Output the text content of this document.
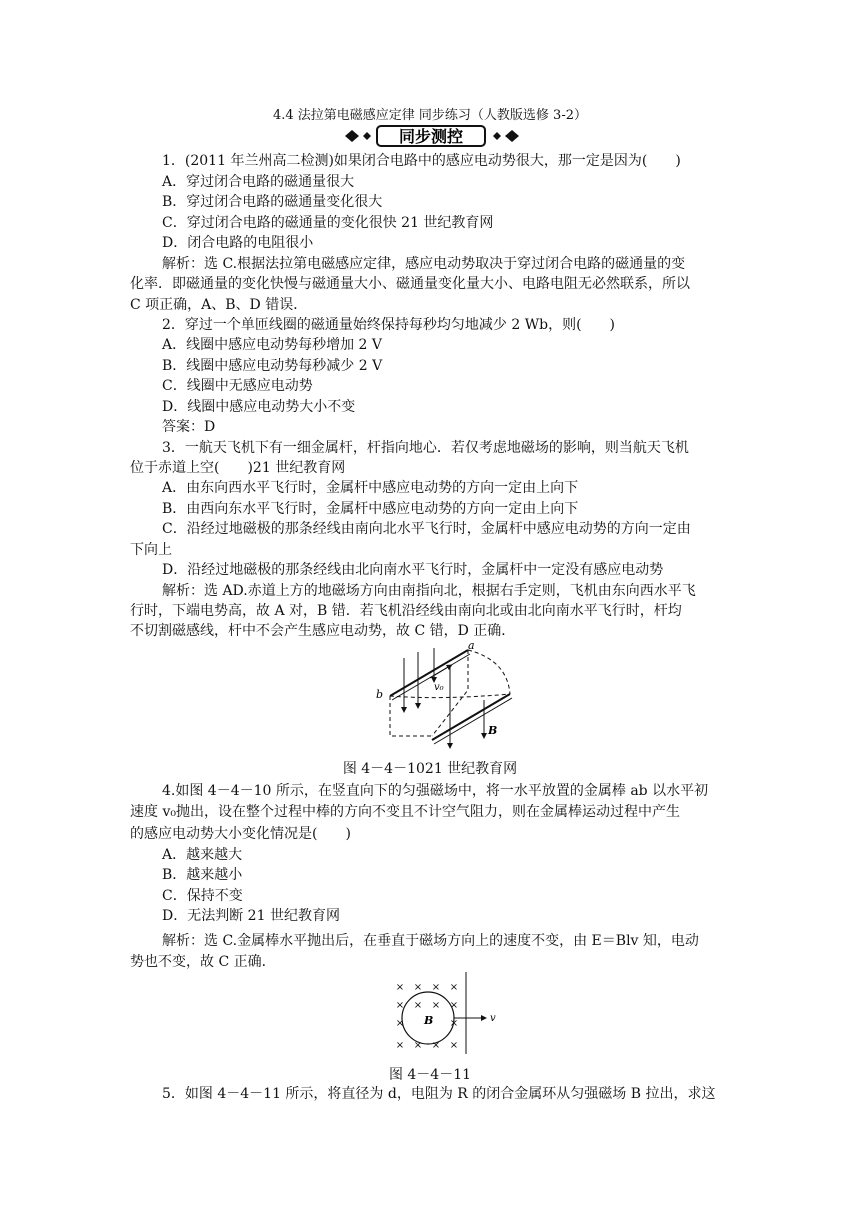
4.4 法拉第电磁感应定律 同步练习（人教版选修 3-2）
同步测控
1．(2011 年兰州高二检测)如果闭合电路中的感应电动势很大，那一定是因为(　　)
A．穿过闭合电路的磁通量很大
B．穿过闭合电路的磁通量变化很大
C．穿过闭合电路的磁通量的变化很快 21 世纪教育网
D．闭合电路的电阻很小
解析：选 C.根据法拉第电磁感应定律，感应电动势取决于穿过闭合电路的磁通量的变
化率．即磁通量的变化快慢与磁通量大小、磁通量变化量大小、电路电阻无必然联系，所以
C 项正确，A、B、D 错误．
2．穿过一个单匝线圈的磁通量始终保持每秒均匀地减少 2 Wb，则(　　)
A．线圈中感应电动势每秒增加 2 V
B．线圈中感应电动势每秒减少 2 V
C．线圈中无感应电动势
D．线圈中感应电动势大小不变
答案：D
3．一航天飞机下有一细金属杆，杆指向地心．若仅考虑地磁场的影响，则当航天飞机
位于赤道上空(　　)21 世纪教育网
A．由东向西水平飞行时，金属杆中感应电动势的方向一定由上向下
B．由西向东水平飞行时，金属杆中感应电动势的方向一定由上向下
C．沿经过地磁极的那条经线由南向北水平飞行时，金属杆中感应电动势的方向一定由
下向上
D．沿经过地磁极的那条经线由北向南水平飞行时，金属杆中一定没有感应电动势
解析：选 AD.赤道上方的地磁场方向由南指向北，根据右手定则，飞机由东向西水平飞
行时，下端电势高，故 A 对，B 错．若飞机沿经线由南向北或由北向南水平飞行时，杆均
不切割磁感线，杆中不会产生感应电动势，故 C 错，D 正确．
a
b
v₀
B
图 4－4－1021 世纪教育网
4.如图 4－4－10 所示，在竖直向下的匀强磁场中，将一水平放置的金属棒 ab 以水平初
速度 v₀抛出，设在整个过程中棒的方向不变且不计空气阻力，则在金属棒运动过程中产生
的感应电动势大小变化情况是(　　)
A．越来越大
B．越来越小
C．保持不变
D．无法判断 21 世纪教育网
解析：选 C.金属棒水平抛出后，在垂直于磁场方向上的速度不变，由 E＝Blv 知，电动
势也不变，故 C 正确．
× × × ×
× × × ×
×	×
× × × ×
B	v
图 4－4－11
5．如图 4－4－11 所示，将直径为 d，电阻为 R 的闭合金属环从匀强磁场 B 拉出，求这
